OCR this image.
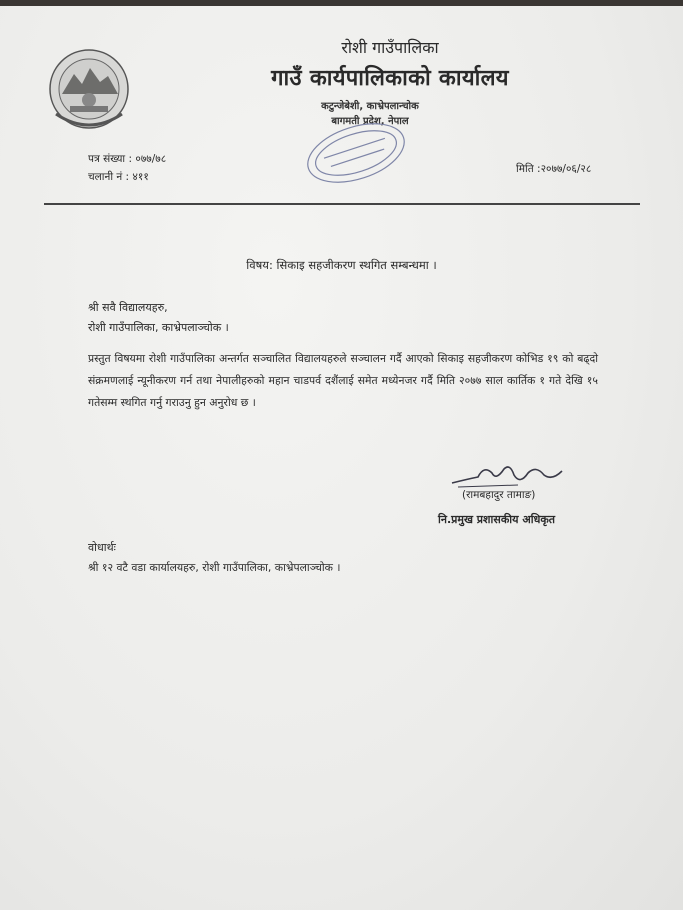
रोशी गाउँपालिका
गाउँ कार्यपालिकाको कार्यालय
कटुन्जेबेशी, काभ्रेपलान्चोक
बागमती प्रदेश, नेपाल
पत्र संख्या : ०७७/७८
चलानी नं : ४११
मिति :२०७७/०६/२८
विषय: सिकाइ सहजीकरण स्थगित सम्बन्धमा ।
श्री सवै विद्यालयहरु,
रोशी गाउँपालिका, काभ्रेपलाञ्चोक ।
प्रस्तुत विषयमा रोशी गाउँपालिका अन्तर्गत सञ्चालित विद्यालयहरुले सञ्चालन गर्दै आएको सिकाइ सहजीकरण कोभिड १९ को बढ्दो संक्रमणलाई न्यूनीकरण गर्न तथा नेपालीहरुको महान चाडपर्व दशैंलाई समेत मध्येनजर गर्दै मिति २०७७ साल कार्तिक १ गते देखि १५ गतेसम्म स्थगित गर्नु गराउनु हुन अनुरोध छ ।
(रामबहादुर तामाङ)
नि.प्रमुख प्रशासकीय अधिकृत
वोधार्थः
श्री १२ वटै वडा कार्यालयहरु, रोशी गाउँपालिका, काभ्रेपलाञ्चोक ।
